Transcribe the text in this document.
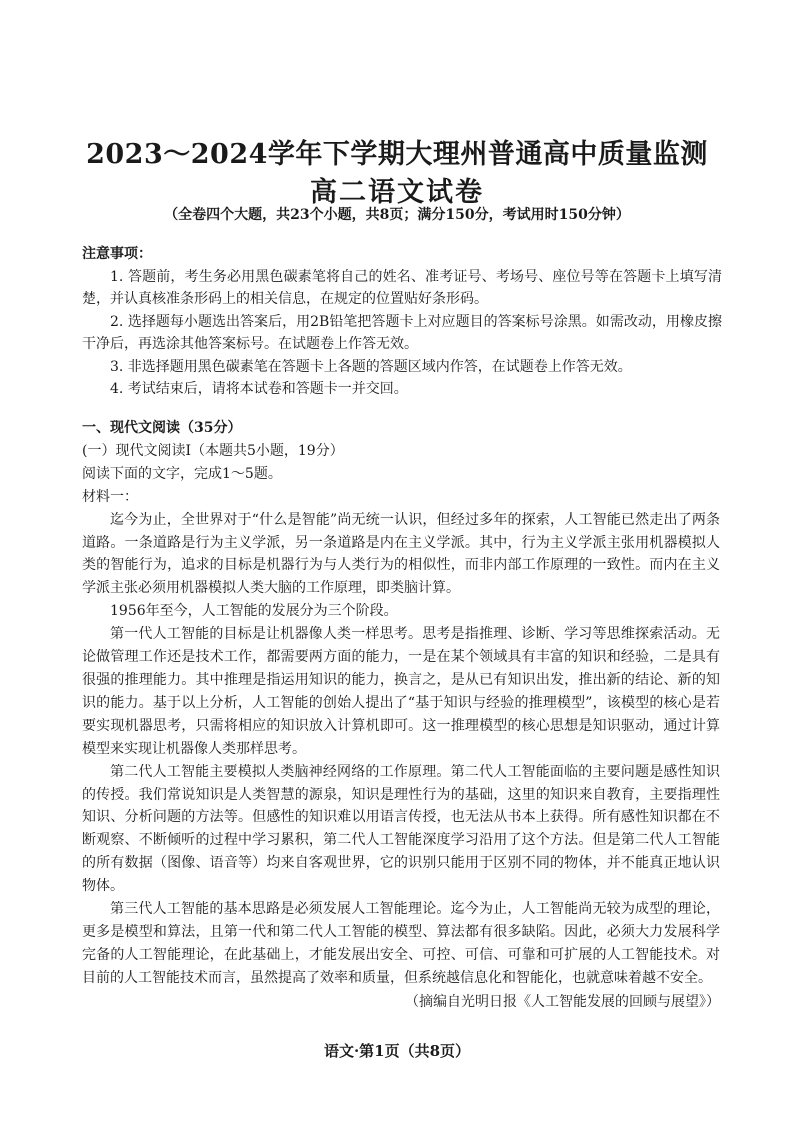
2023～2024学年下学期大理州普通高中质量监测
高二语文试卷
（全卷四个大题，共23个小题，共8页；满分150分，考试用时150分钟）
注意事项：

1. 答题前，考生务必用黑色碳素笔将自己的姓名、准考证号、考场号、座位号等在答题卡上填写清楚，并认真核准条形码上的相关信息，在规定的位置贴好条形码。

2. 选择题每小题选出答案后，用2B铅笔把答题卡上对应题目的答案标号涂黑。如需改动，用橡皮擦干净后，再选涂其他答案标号。在试题卷上作答无效。

3. 非选择题用黑色碳素笔在答题卡上各题的答题区域内作答，在试题卷上作答无效。

4. 考试结束后，请将本试卷和答题卡一并交回。

一、现代文阅读（35分）

(一）现代文阅读Ⅰ（本题共5小题，19分）

阅读下面的文字，完成1～5题。

材料一：

迄今为止，全世界对于“什么是智能”尚无统一认识，但经过多年的探索，人工智能已然走出了两条道路。一条道路是行为主义学派，另一条道路是内在主义学派。其中，行为主义学派主张用机器模拟人类的智能行为，追求的目标是机器行为与人类行为的相似性，而非内部工作原理的一致性。而内在主义学派主张必须用机器模拟人类大脑的工作原理，即类脑计算。

1956年至今，人工智能的发展分为三个阶段。

第一代人工智能的目标是让机器像人类一样思考。思考是指推理、诊断、学习等思维探索活动。无论做管理工作还是技术工作，都需要两方面的能力，一是在某个领域具有丰富的知识和经验，二是具有很强的推理能力。其中推理是指运用知识的能力，换言之，是从已有知识出发，推出新的结论、新的知识的能力。基于以上分析，人工智能的创始人提出了“基于知识与经验的推理模型”，该模型的核心是若要实现机器思考，只需将相应的知识放入计算机即可。这一推理模型的核心思想是知识驱动，通过计算模型来实现让机器像人类那样思考。

第二代人工智能主要模拟人类脑神经网络的工作原理。第二代人工智能面临的主要问题是感性知识的传授。我们常说知识是人类智慧的源泉，知识是理性行为的基础，这里的知识来自教育，主要指理性知识、分析问题的方法等。但感性的知识难以用语言传授，也无法从书本上获得。所有感性知识都在不断观察、不断倾听的过程中学习累积，第二代人工智能深度学习沿用了这个方法。但是第二代人工智能的所有数据（图像、语音等）均来自客观世界，它的识别只能用于区别不同的物体，并不能真正地认识物体。

第三代人工智能的基本思路是必须发展人工智能理论。迄今为止，人工智能尚无较为成型的理论，更多是模型和算法，且第一代和第二代人工智能的模型、算法都有很多缺陷。因此，必须大力发展科学完备的人工智能理论，在此基础上，才能发展出安全、可控、可信、可靠和可扩展的人工智能技术。对目前的人工智能技术而言，虽然提高了效率和质量，但系统越信息化和智能化，也就意味着越不安全。

（摘编自光明日报《人工智能发展的回顾与展望》）

语文·第1页（共8页）
